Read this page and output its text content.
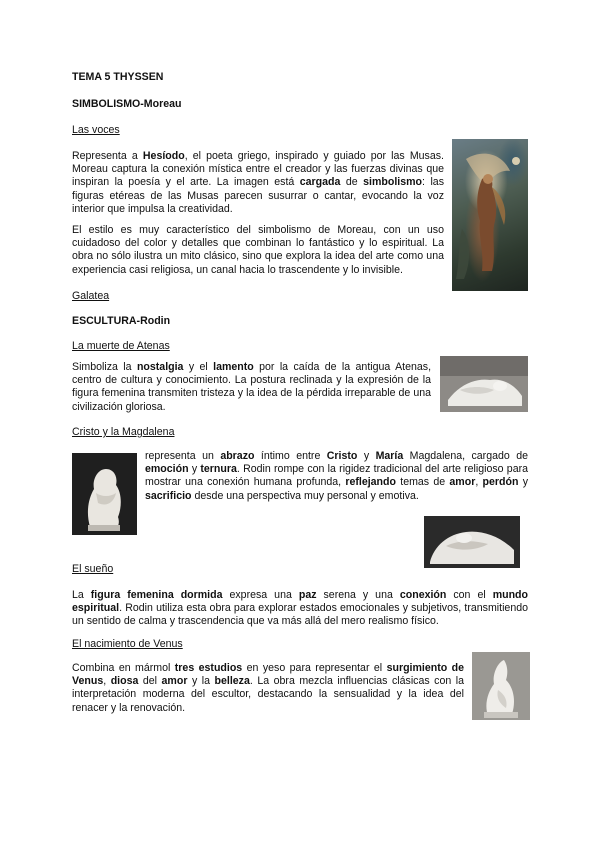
TEMA 5 THYSSEN
SIMBOLISMO-Moreau
Las voces
Representa a Hesíodo, el poeta griego, inspirado y guiado por las Musas. Moreau captura la conexión mística entre el creador y las fuerzas divinas que inspiran la poesía y el arte. La imagen está cargada de simbolismo: las figuras etéreas de las Musas parecen susurrar o cantar, evocando la voz interior que impulsa la creatividad.
El estilo es muy característico del simbolismo de Moreau, con un uso cuidadoso del color y detalles que combinan lo fantástico y lo espiritual. La obra no sólo ilustra un mito clásico, sino que explora la idea del arte como una experiencia casi religiosa, un canal hacia lo trascendente y lo invisible.
Galatea
ESCULTURA-Rodin
La muerte de Atenas
Simboliza la nostalgia y el lamento por la caída de la antigua Atenas, centro de cultura y conocimiento. La postura reclinada y la expresión de la figura femenina transmiten tristeza y la idea de la pérdida irreparable de una civilización gloriosa.
Cristo y la Magdalena
representa un abrazo íntimo entre Cristo y María Magdalena, cargado de emoción y ternura. Rodin rompe con la rigidez tradicional del arte religioso para mostrar una conexión humana profunda, reflejando temas de amor, perdón y sacrificio desde una perspectiva muy personal y emotiva.
El sueño
La figura femenina dormida expresa una paz serena y una conexión con el mundo espiritual. Rodin utiliza esta obra para explorar estados emocionales y subjetivos, transmitiendo un sentido de calma y trascendencia que va más allá del mero realismo físico.
El nacimiento de Venus
Combina en mármol tres estudios en yeso para representar el surgimiento de Venus, diosa del amor y la belleza. La obra mezcla influencias clásicas con la interpretación moderna del escultor, destacando la sensualidad y la idea del renacer y la renovación.
